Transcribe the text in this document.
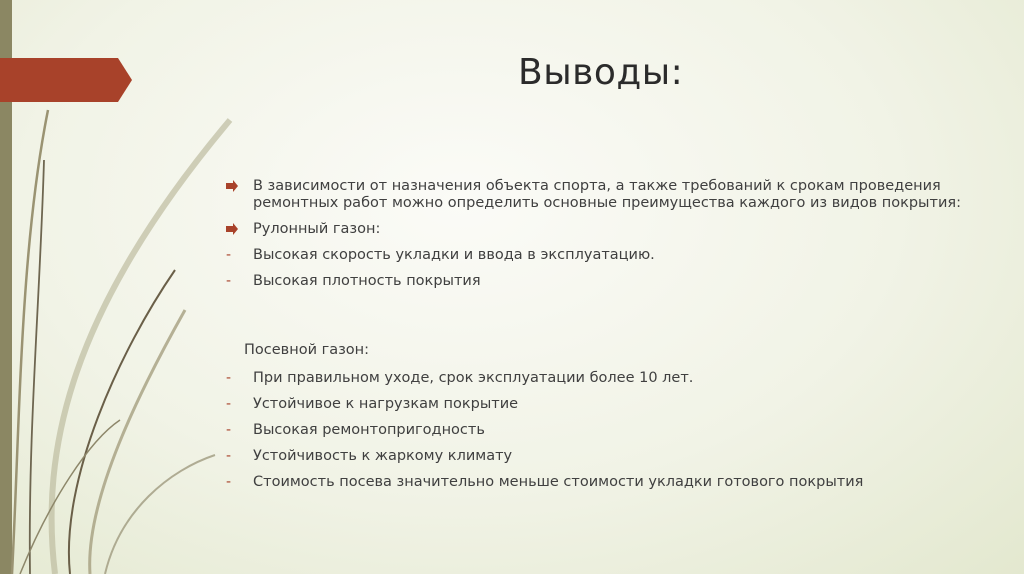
Выводы:
В зависимости от назначения объекта спорта, а также требований к срокам проведения ремонтных работ можно определить основные преимущества каждого из видов покрытия:
Рулонный газон:
- Высокая скорость укладки и ввода в эксплуатацию.
- Высокая плотность покрытия
Посевной газон:
- При правильном уходе, срок эксплуатации более 10 лет.
- Устойчивое к нагрузкам покрытие
- Высокая ремонтопригодность
- Устойчивость к жаркому климату
- Стоимость посева значительно меньше стоимости укладки готового покрытия
